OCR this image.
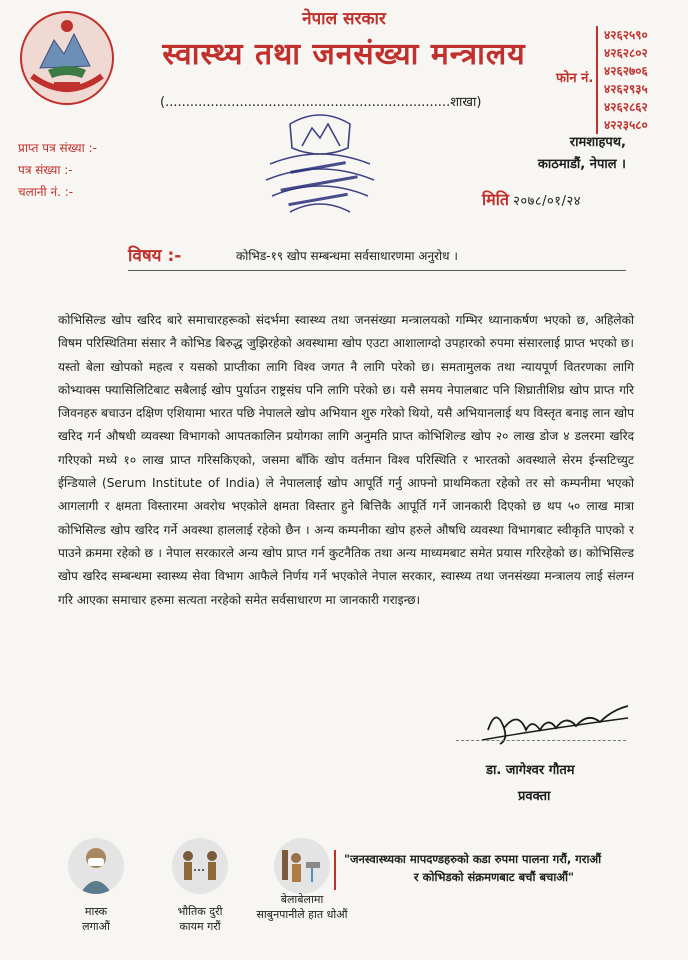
नेपाल सरकार
स्वास्थ्य तथा जनसंख्या मन्त्रालय
(.....................................................................शाखा)
फोन नं.
४२६२५९०
४२६२८०२
४२६२७०६
४२६२९३५
४२६२८६२
४२२३५८०
प्राप्त पत्र संख्या :-
पत्र संख्या :-
चलानी नं. :-
रामशाहपथ,
काठमाडौं, नेपाल ।
मिति २०७८/०१/२४
विषय :-	कोभिड-१९ खोप सम्बन्धमा सर्वसाधारणमा अनुरोध ।
कोभिसिल्ड खोप खरिद बारे समाचारहरूको संदर्भमा स्वास्थ्य तथा जनसंख्या मन्त्रालयको गम्भिर ध्यानाकर्षण भएको छ, अहिलेको विषम परिस्थितिमा संसार नै कोभिड बिरुद्ध जुझिरहेको अवस्थामा खोप एउटा आशालाग्दो उपहारको रुपमा संसारलाई प्राप्त भएको छ। यस्तो बेला खोपको महत्व र यसको प्राप्तीका लागि विश्व जगत नै लागि परेको छ। समतामुलक तथा न्यायपूर्ण वितरणका लागि कोभ्याक्स फ्यासिलिटिबाट सबैलाई खोप पुर्याउन राष्ट्रसंघ पनि लागि परेको छ। यसै समय नेपालबाट पनि शिघ्रातीशिघ्र खोप प्राप्त गरि जिवनहरु बचाउन दक्षिण एशियामा भारत पछि नेपालले खोप अभियान शुरु गरेको थियो, यसै अभियानलाई थप विस्तृत बनाइ लान खोप खरिद गर्न औषधी व्यवस्था विभागको आपतकालिन प्रयोगका लागि अनुमति प्राप्त कोभिशिल्ड खोप २० लाख डोज ४ डलरमा खरिद गरिएको मध्ये १० लाख प्राप्त गरिसकिएको, जसमा बाँकि खोप वर्तमान विश्व परिस्थिति र भारतको अवस्थाले सेरम ईन्सटिच्युट ईन्डियाले (Serum Institute of India) ले नेपाललाई खोप आपूर्ति गर्नु आफ्नो प्राथमिकता रहेको तर सो कम्पनीमा भएको आगलागी र क्षमता विस्तारमा अवरोध भएकोले क्षमता विस्तार हुने बित्तिकै आपूर्ति गर्ने जानकारी दिएको छ थप ५० लाख मात्रा कोभिसिल्ड खोप खरिद गर्ने अवस्था हाललाई रहेको छैन । अन्य कम्पनीका खोप हरुले औषधि व्यवस्था विभागबाट स्वीकृति पाएको र पाउने क्रममा रहेको छ । नेपाल सरकारले अन्य खोप प्राप्त गर्न कुटनैतिक तथा अन्य माध्यमबाट समेत प्रयास गरिरहेको छ। कोभिसिल्ड खोप खरिद सम्बन्धमा स्वास्थ्य सेवा विभाग आफैले निर्णय गर्ने भएकोले नेपाल सरकार, स्वास्थ्य तथा जनसंख्या मन्त्रालय लाई संलग्न गरि आएका समाचार हरुमा सत्यता नरहेको समेत सर्वसाधारण मा जानकारी गराइन्छ।
डा. जागेश्वर गौतम
प्रवक्ता
मास्क
लगाऔं
भौतिक दुरी
कायम गरौं
बेलाबेलामा
साबुनपानीले हात धोऔं
"जनस्वास्थ्यका मापदण्डहरुको कडा रुपमा पालना गरौं, गराऔं
र कोभिडको संक्रमणबाट बचौं बचाऔं"
